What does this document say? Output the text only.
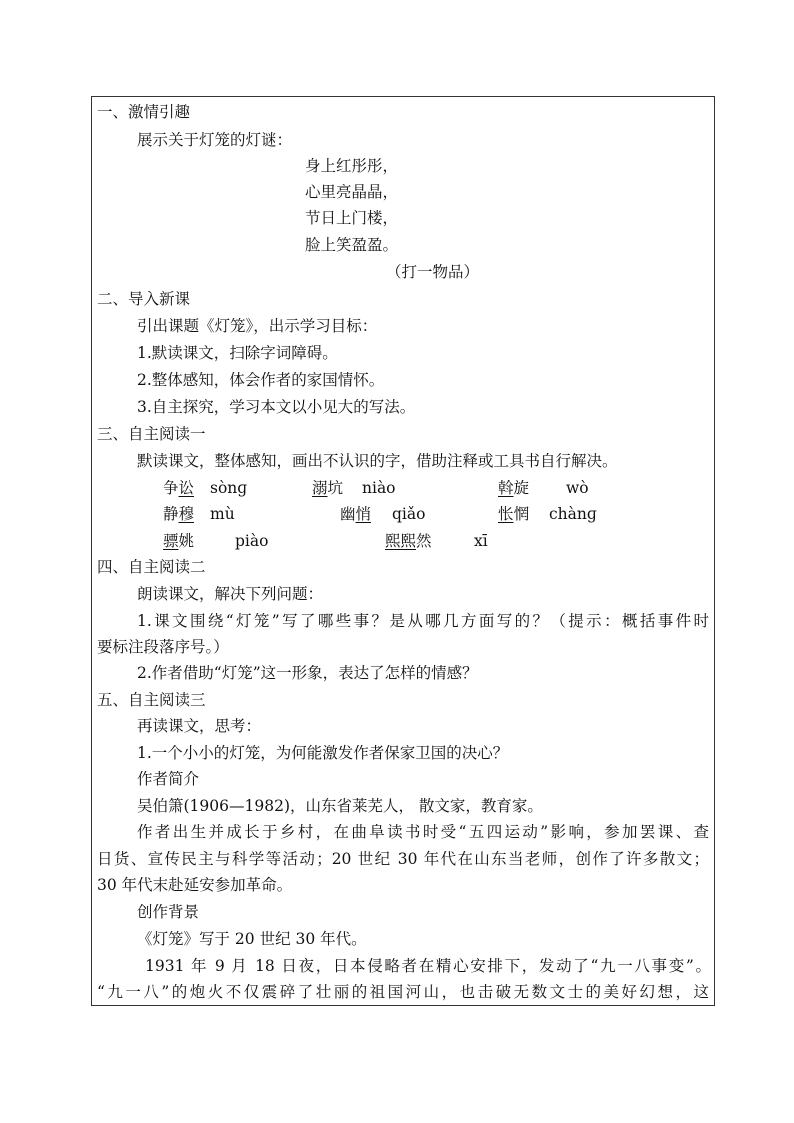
一、激情引趣
展示关于灯笼的灯谜：
身上红彤彤，
心里亮晶晶，
节日上门楼，
脸上笑盈盈。
（打一物品）
二、导入新课
引出课题《灯笼》，出示学习目标：
1.默读课文，扫除字词障碍。
2.整体感知，体会作者的家国情怀。
3.自主探究，学习本文以小见大的写法。
三、自主阅读一
默读课文，整体感知，画出不认识的字，借助注释或工具书自行解决。
争讼 sònɡ	溺坑 niào	斡旋 wò
静穆 mù	幽悄 qiǎo	怅惘 chànɡ
骠姚	piào	熙熙然	xī
四、自主阅读二
朗读课文，解决下列问题：
1.课文围绕“灯笼”写了哪些事？是从哪几方面写的？（提示：概括事件时
要标注段落序号。）
2.作者借助“灯笼”这一形象，表达了怎样的情感？
五、自主阅读三
再读课文，思考：
1.一个小小的灯笼，为何能激发作者保家卫国的决心？
作者简介
吴伯箫(1906—1982)，山东省莱芜人， 散文家，教育家。
作者出生并成长于乡村，在曲阜读书时受“五四运动”影响，参加罢课、查
日货、宣传民主与科学等活动；20 世纪 30 年代在山东当老师，创作了许多散文；
30 年代末赴延安参加革命。
创作背景
《灯笼》写于 20 世纪 30 年代。
1931 年 9 月 18 日夜，日本侵略者在精心安排下，发动了“九一八事变”。
“九一八”的炮火不仅震碎了壮丽的祖国河山，也击破无数文士的美好幻想，这
